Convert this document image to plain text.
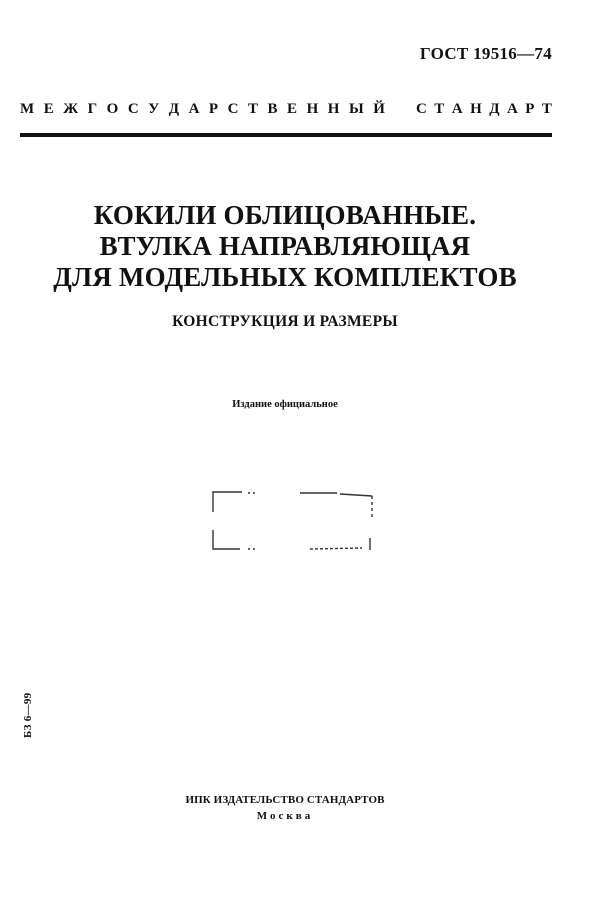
ГОСТ 19516—74
М Е Ж Г О С У Д А Р С Т В Е Н Н Ы Й С Т А Н Д А Р Т
КОКИЛИ ОБЛИЦОВАННЫЕ.
ВТУЛКА НАПРАВЛЯЮЩАЯ
ДЛЯ МОДЕЛЬНЫХ КОМПЛЕКТОВ
КОНСТРУКЦИЯ И РАЗМЕРЫ
Издание официальное
БЗ 6—99
ИПК ИЗДАТЕЛЬСТВО СТАНДАРТОВ
Москва
